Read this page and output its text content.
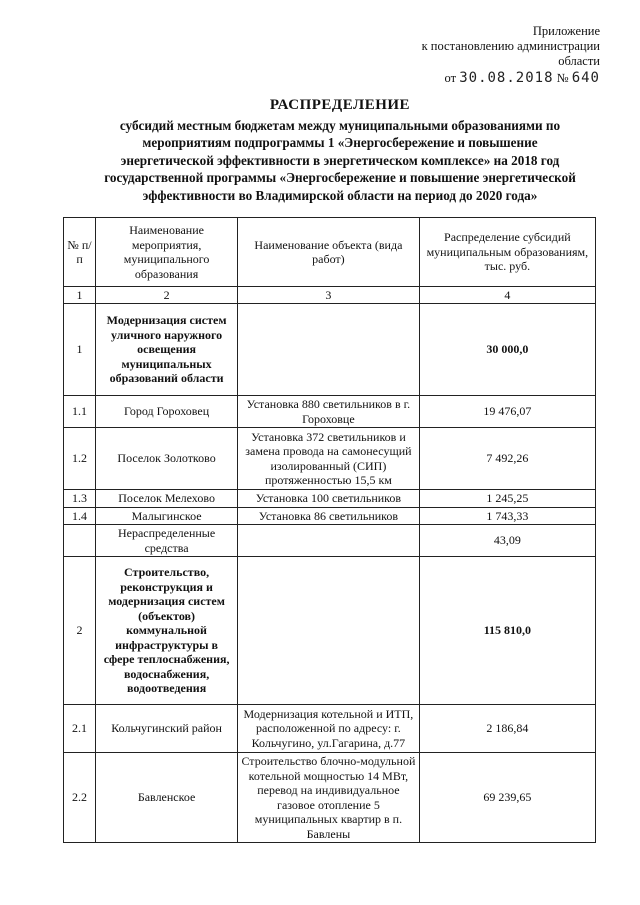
Приложение
к постановлению администрации области
от 30.08.2018 № 640
РАСПРЕДЕЛЕНИЕ
субсидий местным бюджетам между муниципальными образованиями по
мероприятиям подпрограммы 1 «Энергосбережение и повышение
энергетической эффективности в энергетическом комплексе» на 2018 год
государственной программы «Энергосбережение и повышение энергетической
эффективности во Владимирской области на период до 2020 года»
№ п/п	Наименование мероприятия, муниципального образования	Наименование объекта (вида работ)	Распределение субсидий муниципальным образованиям, тыс. руб.
1	2	3	4
1	Модернизация систем уличного наружного освещения муниципальных образований области		30 000,0
1.1	Город Гороховец	Установка 880 светильников в г. Гороховце	19 476,07
1.2	Поселок Золотково	Установка 372 светильников и замена провода на самонесущий изолированный (СИП) протяженностью 15,5 км	7 492,26
1.3	Поселок Мелехово	Установка 100 светильников	1 245,25
1.4	Малыгинское	Установка 86 светильников	1 743,33
	Нераспределенные средства		43,09
2	Строительство, реконструкция и модернизация систем (объектов) коммунальной инфраструктуры в сфере теплоснабжения, водоснабжения, водоотведения		115 810,0
2.1	Кольчугинский район	Модернизация котельной и ИТП, расположенной по адресу: г. Кольчугино, ул.Гагарина, д.77	2 186,84
2.2	Бавленское	Строительство блочно-модульной котельной мощностью 14 МВт, перевод на индивидуальное газовое отопление 5 муниципальных квартир в п. Бавлены	69 239,65
